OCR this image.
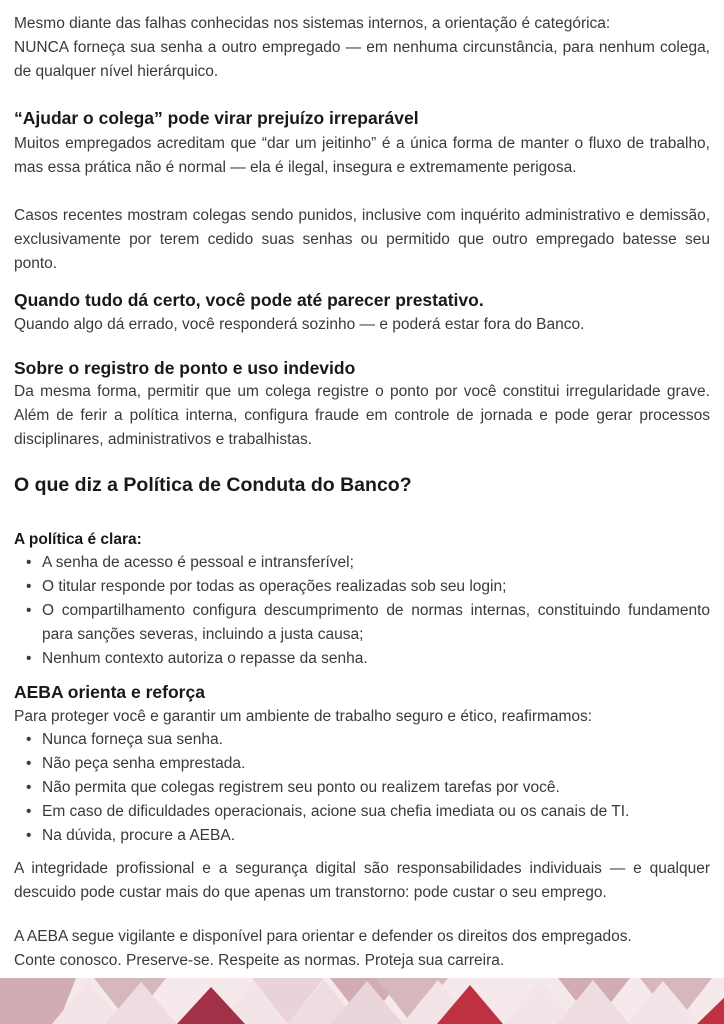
Mesmo diante das falhas conhecidas nos sistemas internos, a orientação é categórica:
NUNCA forneça sua senha a outro empregado — em nenhuma circunstância, para nenhum colega, de qualquer nível hierárquico.

“Ajudar o colega” pode virar prejuízo irreparável

Muitos empregados acreditam que “dar um jeitinho” é a única forma de manter o fluxo de trabalho, mas essa prática não é normal — ela é ilegal, insegura e extremamente perigosa.

Casos recentes mostram colegas sendo punidos, inclusive com inquérito administrativo e demissão, exclusivamente por terem cedido suas senhas ou permitido que outro empregado batesse seu ponto.

Quando tudo dá certo, você pode até parecer prestativo.

Quando algo dá errado, você responderá sozinho — e poderá estar fora do Banco.

Sobre o registro de ponto e uso indevido

Da mesma forma, permitir que um colega registre o ponto por você constitui irregularidade grave. Além de ferir a política interna, configura fraude em controle de jornada e pode gerar processos disciplinares, administrativos e trabalhistas.

O que diz a Política de Conduta do Banco?

A política é clara:

• A senha de acesso é pessoal e intransferível;
• O titular responde por todas as operações realizadas sob seu login;
• O compartilhamento configura descumprimento de normas internas, constituindo fundamento para sanções severas, incluindo a justa causa;
• Nenhum contexto autoriza o repasse da senha.
AEBA orienta e reforça

Para proteger você e garantir um ambiente de trabalho seguro e ético, reafirmamos:

• Nunca forneça sua senha.
• Não peça senha emprestada.
• Não permita que colegas registrem seu ponto ou realizem tarefas por você.
• Em caso de dificuldades operacionais, acione sua chefia imediata ou os canais de TI.
• Na dúvida, procure a AEBA.

A integridade profissional e a segurança digital são responsabilidades individuais — e qualquer descuido pode custar mais do que apenas um transtorno: pode custar o seu emprego.

A AEBA segue vigilante e disponível para orientar e defender os direitos dos empregados.
Conte conosco. Preserve-se. Respeite as normas. Proteja sua carreira.
